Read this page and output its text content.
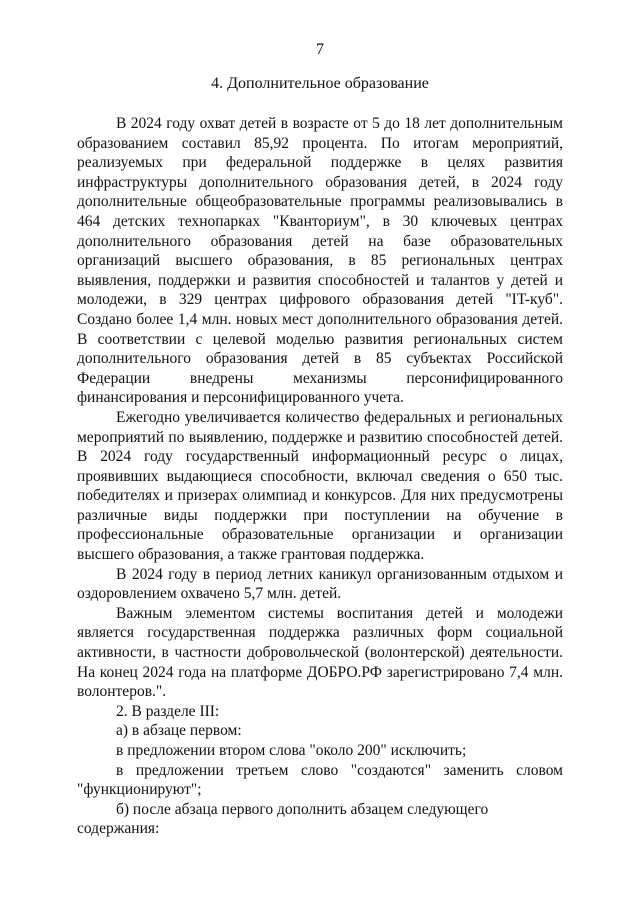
7
4. Дополнительное образование

В 2024 году охват детей в возрасте от 5 до 18 лет дополнительным образованием составил 85,92 процента. По итогам мероприятий, реализуемых при федеральной поддержке в целях развития инфраструктуры дополнительного образования детей, в 2024 году дополнительные общеобразовательные программы реализовывались в 464 детских технопарках "Кванториум", в 30 ключевых центрах дополнительного образования детей на базе образовательных организаций высшего образования, в 85 региональных центрах выявления, поддержки и развития способностей и талантов у детей и молодежи, в 329 центрах цифрового образования детей "IT-куб". Создано более 1,4 млн. новых мест дополнительного образования детей. В соответствии с целевой моделью развития региональных систем дополнительного образования детей в 85 субъектах Российской Федерации внедрены механизмы персонифицированного финансирования и персонифицированного учета.

Ежегодно увеличивается количество федеральных и региональных мероприятий по выявлению, поддержке и развитию способностей детей. В 2024 году государственный информационный ресурс о лицах, проявивших выдающиеся способности, включал сведения о 650 тыс. победителях и призерах олимпиад и конкурсов. Для них предусмотрены различные виды поддержки при поступлении на обучение в профессиональные образовательные организации и организации высшего образования, а также грантовая поддержка.

В 2024 году в период летних каникул организованным отдыхом и оздоровлением охвачено 5,7 млн. детей.

Важным элементом системы воспитания детей и молодежи является государственная поддержка различных форм социальной активности, в частности добровольческой (волонтерской) деятельности. На конец 2024 года на платформе ДОБРО.РФ зарегистрировано 7,4 млн. волонтеров.".

2. В разделе III:

а) в абзаце первом:

в предложении втором слова "около 200" исключить;

в предложении третьем слово "создаются" заменить словом "функционируют";

б) после абзаца первого дополнить абзацем следующего содержания:
